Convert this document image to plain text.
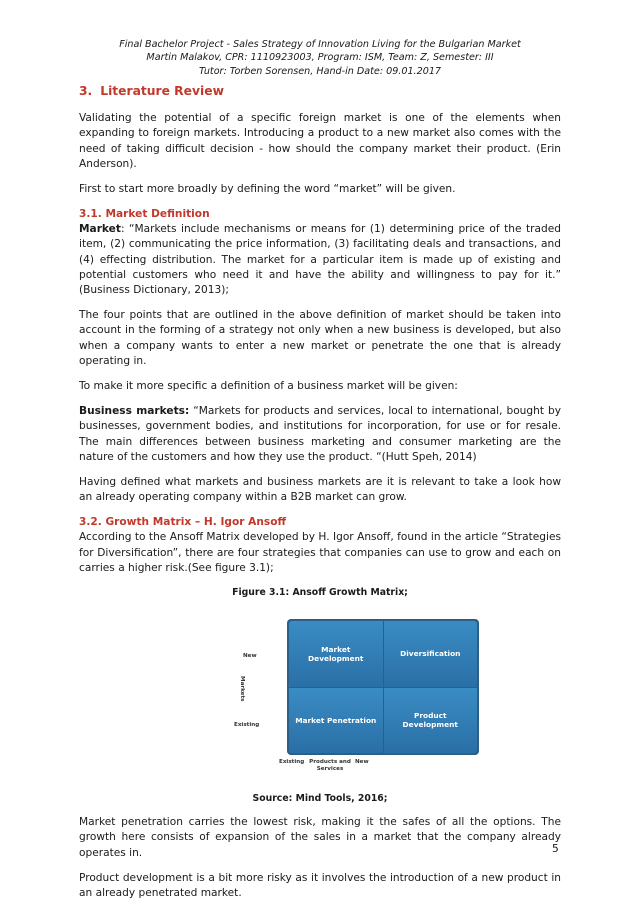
Final Bachelor Project - Sales Strategy of Innovation Living for the Bulgarian Market
Martin Malakov, CPR: 1110923003, Program: ISM, Team: Z, Semester: III
Tutor: Torben Sorensen, Hand-in Date: 09.01.2017
3. Literature Review

Validating the potential of a specific foreign market is one of the elements when expanding to foreign markets. Introducing a product to a new market also comes with the need of taking difficult decision - how should the company market their product. (Erin Anderson).

First to start more broadly by defining the word “market” will be given.

3.1. Market Definition

Market: “Markets include mechanisms or means for (1) determining price of the traded item, (2) communicating the price information, (3) facilitating deals and transactions, and (4) effecting distribution. The market for a particular item is made up of existing and potential customers who need it and have the ability and willingness to pay for it.” (Business Dictionary, 2013);

The four points that are outlined in the above definition of market should be taken into account in the forming of a strategy not only when a new business is developed, but also when a company wants to enter a new market or penetrate the one that is already operating in.

To make it more specific a definition of a business market will be given:

Business markets: “Markets for products and services, local to international, bought by businesses, government bodies, and institutions for incorporation, for use or for resale. The main differences between business marketing and consumer marketing are the nature of the customers and how they use the product. “(Hutt Speh, 2014)

Having defined what markets and business markets are it is relevant to take a look how an already operating company within a B2B market can grow.

3.2. Growth Matrix – H. Igor Ansoff

According to the Ansoff Matrix developed by H. Igor Ansoff, found in the article “Strategies for Diversification”, there are four strategies that companies can use to grow and each on carries a higher risk.(See figure 3.1);

Figure 3.1: Ansoff Growth Matrix;
New
Markets
Existing
Market Development	Diversification
Market Penetration	Product Development
Existing Products and Services
New
Source: Mind Tools, 2016;

Market penetration carries the lowest risk, making it the safes of all the options. The growth here consists of expansion of the sales in a market that the company already operates in.

Product development is a bit more risky as it involves the introduction of a new product in an already penetrated market.

5
